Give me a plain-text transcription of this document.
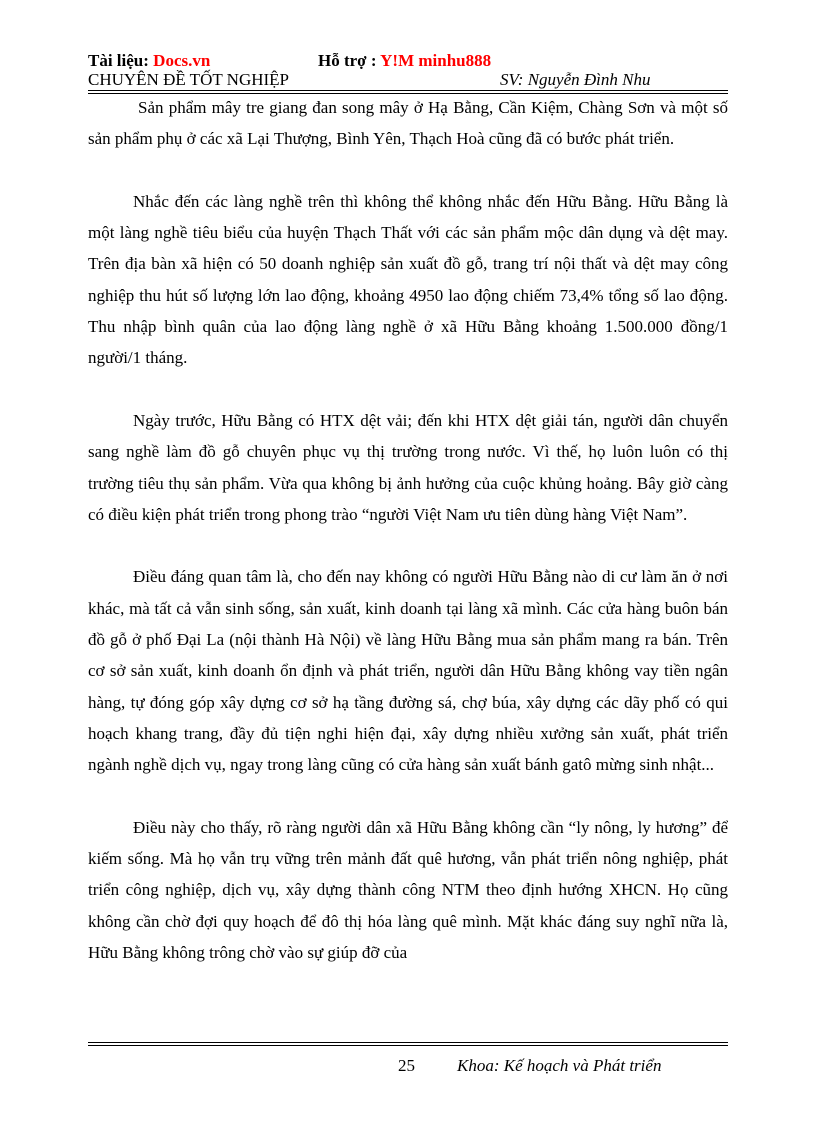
Tài liệu: Docs.vn	Hỗ trợ : Y!M minhu888
CHUYÊN ĐỀ TỐT NGHIỆP	SV: Nguyễn Đình Nhu

Sản phẩm mây tre giang đan song mây ở Hạ Bằng, Cần Kiệm, Chàng Sơn và một số sản phẩm phụ ở các xã Lại Thượng, Bình Yên, Thạch Hoà cũng đã có bước phát triển.

Nhắc đến các làng nghề trên thì không thể không nhắc đến Hữu Bằng. Hữu Bằng là một làng nghề tiêu biểu của huyện Thạch Thất với các sản phẩm mộc dân dụng và dệt may. Trên địa bàn xã hiện có 50 doanh nghiệp sản xuất đồ gỗ, trang trí nội thất và dệt may công nghiệp thu hút số lượng lớn lao động, khoảng 4950 lao động chiếm 73,4% tổng số lao động. Thu nhập bình quân của lao động làng nghề ở xã Hữu Bằng khoảng 1.500.000 đồng/1 người/1 tháng.

Ngày trước, Hữu Bằng có HTX dệt vải; đến khi HTX dệt giải tán, người dân chuyển sang nghề làm đồ gỗ chuyên phục vụ thị trường trong nước. Vì thế, họ luôn luôn có thị trường tiêu thụ sản phẩm. Vừa qua không bị ảnh hưởng của cuộc khủng hoảng. Bây giờ càng có điều kiện phát triển trong phong trào “người Việt Nam ưu tiên dùng hàng Việt Nam”.

Điều đáng quan tâm là, cho đến nay không có người Hữu Bằng nào di cư làm ăn ở nơi khác, mà tất cả vẫn sinh sống, sản xuất, kinh doanh tại làng xã mình. Các cửa hàng buôn bán đồ gỗ ở phố Đại La (nội thành Hà Nội) về làng Hữu Bằng mua sản phẩm mang ra bán. Trên cơ sở sản xuất, kinh doanh ổn định và phát triển, người dân Hữu Bằng không vay tiền ngân hàng, tự đóng góp xây dựng cơ sở hạ tầng đường sá, chợ búa, xây dựng các dãy phố có qui hoạch khang trang, đầy đủ tiện nghi hiện đại, xây dựng nhiều xưởng sản xuất, phát triển ngành nghề dịch vụ, ngay trong làng cũng có cửa hàng sản xuất bánh gatô mừng sinh nhật...

Điều này cho thấy, rõ ràng người dân xã Hữu Bằng không cần “ly nông, ly hương” để kiếm sống. Mà họ vẫn trụ vững trên mảnh đất quê hương, vẫn phát triển nông nghiệp, phát triển công nghiệp, dịch vụ, xây dựng thành công NTM theo định hướng XHCN. Họ cũng không cần chờ đợi quy hoạch để đô thị hóa làng quê mình. Mặt khác đáng suy nghĩ nữa là, Hữu Bằng không trông chờ vào sự giúp đỡ của

25 Khoa: Kế hoạch và Phát triển
